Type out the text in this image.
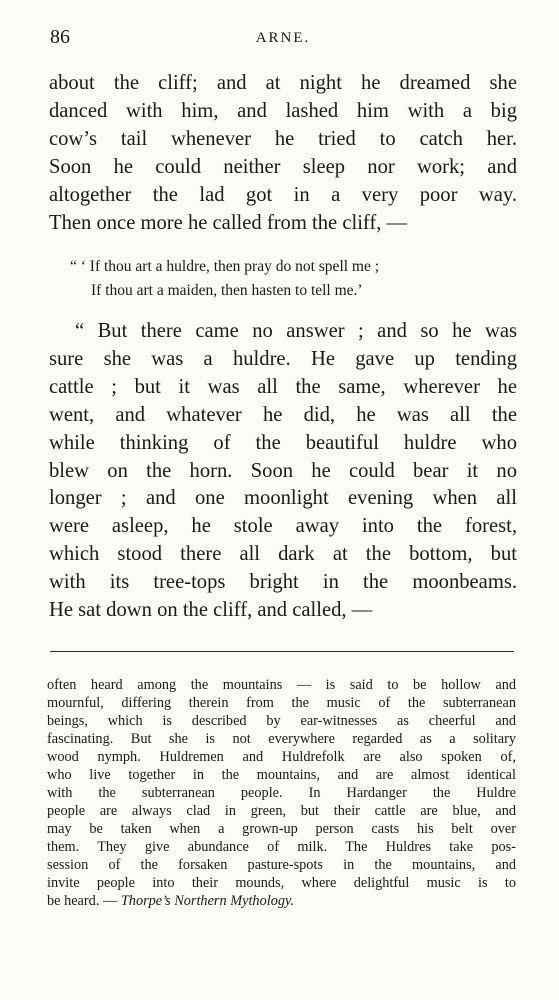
86	ARNE.
about the cliff; and at night he dreamed she
danced with him, and lashed him with a big
cow’s tail whenever he tried to catch her.
Soon he could neither sleep nor work; and
altogether the lad got in a very poor way.
Then once more he called from the cliff, —
“ ‘ If thou art a huldre, then pray do not spell me ;
If thou art a maiden, then hasten to tell me.’
“ But there came no answer ; and so he was
sure she was a huldre. He gave up tending
cattle ; but it was all the same, wherever he
went, and whatever he did, he was all the
while thinking of the beautiful huldre who
blew on the horn. Soon he could bear it no
longer ; and one moonlight evening when all
were asleep, he stole away into the forest,
which stood there all dark at the bottom, but
with its tree-tops bright in the moonbeams.
He sat down on the cliff, and called, —
often heard among the mountains — is said to be hollow and
mournful, differing therein from the music of the subterranean
beings, which is described by ear-witnesses as cheerful and
fascinating. But she is not everywhere regarded as a solitary
wood nymph. Huldremen and Huldrefolk are also spoken of,
who live together in the mountains, and are almost identical
with the subterranean people. In Hardanger the Huldre
people are always clad in green, but their cattle are blue, and
may be taken when a grown-up person casts his belt over
them. They give abundance of milk. The Huldres take pos-
session of the forsaken pasture-spots in the mountains, and
invite people into their mounds, where delightful music is to
be heard. — Thorpe’s Northern Mythology.
